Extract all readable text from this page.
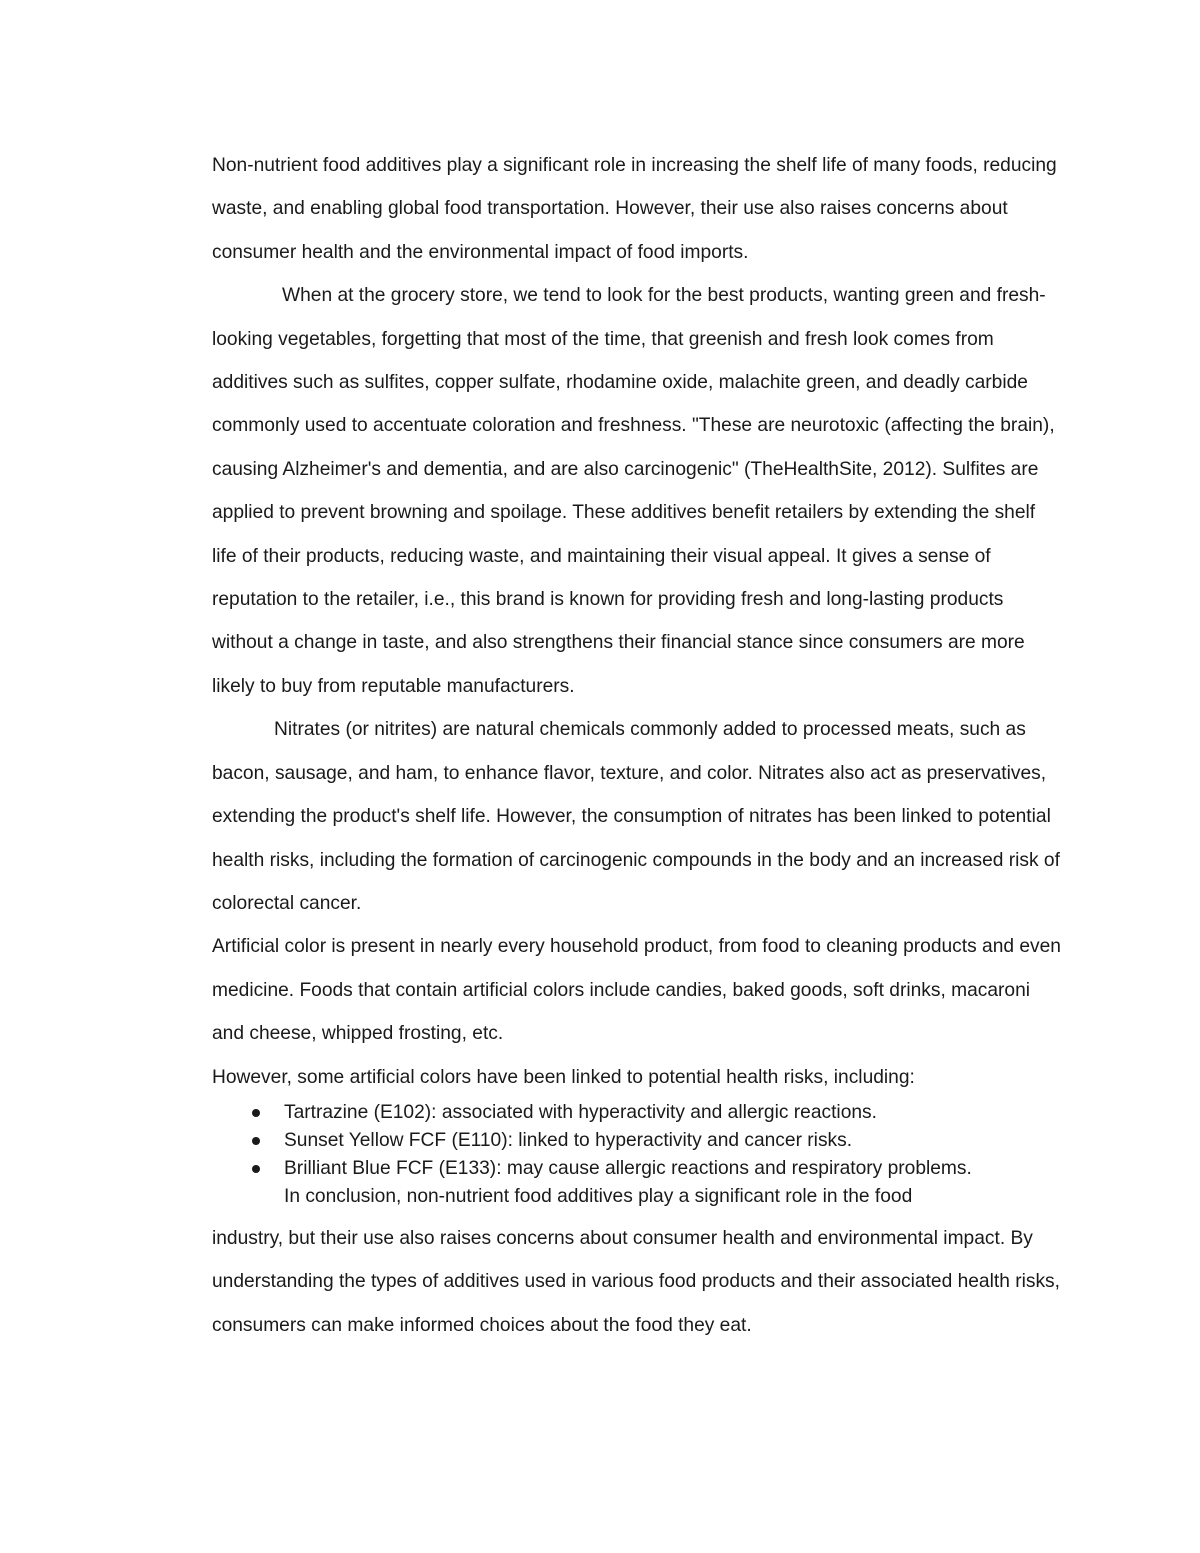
Non-nutrient food additives play a significant role in increasing the shelf life of many foods, reducing waste, and enabling global food transportation. However, their use also raises concerns about consumer health and the environmental impact of food imports.

When at the grocery store, we tend to look for the best products, wanting green and fresh-looking vegetables, forgetting that most of the time, that greenish and fresh look comes from additives such as sulfites, copper sulfate, rhodamine oxide, malachite green, and deadly carbide commonly used to accentuate coloration and freshness. "These are neurotoxic (affecting the brain), causing Alzheimer's and dementia, and are also carcinogenic" (TheHealthSite, 2012). Sulfites are applied to prevent browning and spoilage. These additives benefit retailers by extending the shelf life of their products, reducing waste, and maintaining their visual appeal. It gives a sense of reputation to the retailer, i.e., this brand is known for providing fresh and long-lasting products without a change in taste, and also strengthens their financial stance since consumers are more likely to buy from reputable manufacturers.

Nitrates (or nitrites) are natural chemicals commonly added to processed meats, such as bacon, sausage, and ham, to enhance flavor, texture, and color. Nitrates also act as preservatives, extending the product's shelf life. However, the consumption of nitrates has been linked to potential health risks, including the formation of carcinogenic compounds in the body and an increased risk of colorectal cancer.

Artificial color is present in nearly every household product, from food to cleaning products and even medicine. Foods that contain artificial colors include candies, baked goods, soft drinks, macaroni and cheese, whipped frosting, etc.

However, some artificial colors have been linked to potential health risks, including:

Tartrazine (E102): associated with hyperactivity and allergic reactions.
Sunset Yellow FCF (E110): linked to hyperactivity and cancer risks.
Brilliant Blue FCF (E133): may cause allergic reactions and respiratory problems.

In conclusion, non-nutrient food additives play a significant role in the food

industry, but their use also raises concerns about consumer health and environmental impact. By understanding the types of additives used in various food products and their associated health risks, consumers can make informed choices about the food they eat.
